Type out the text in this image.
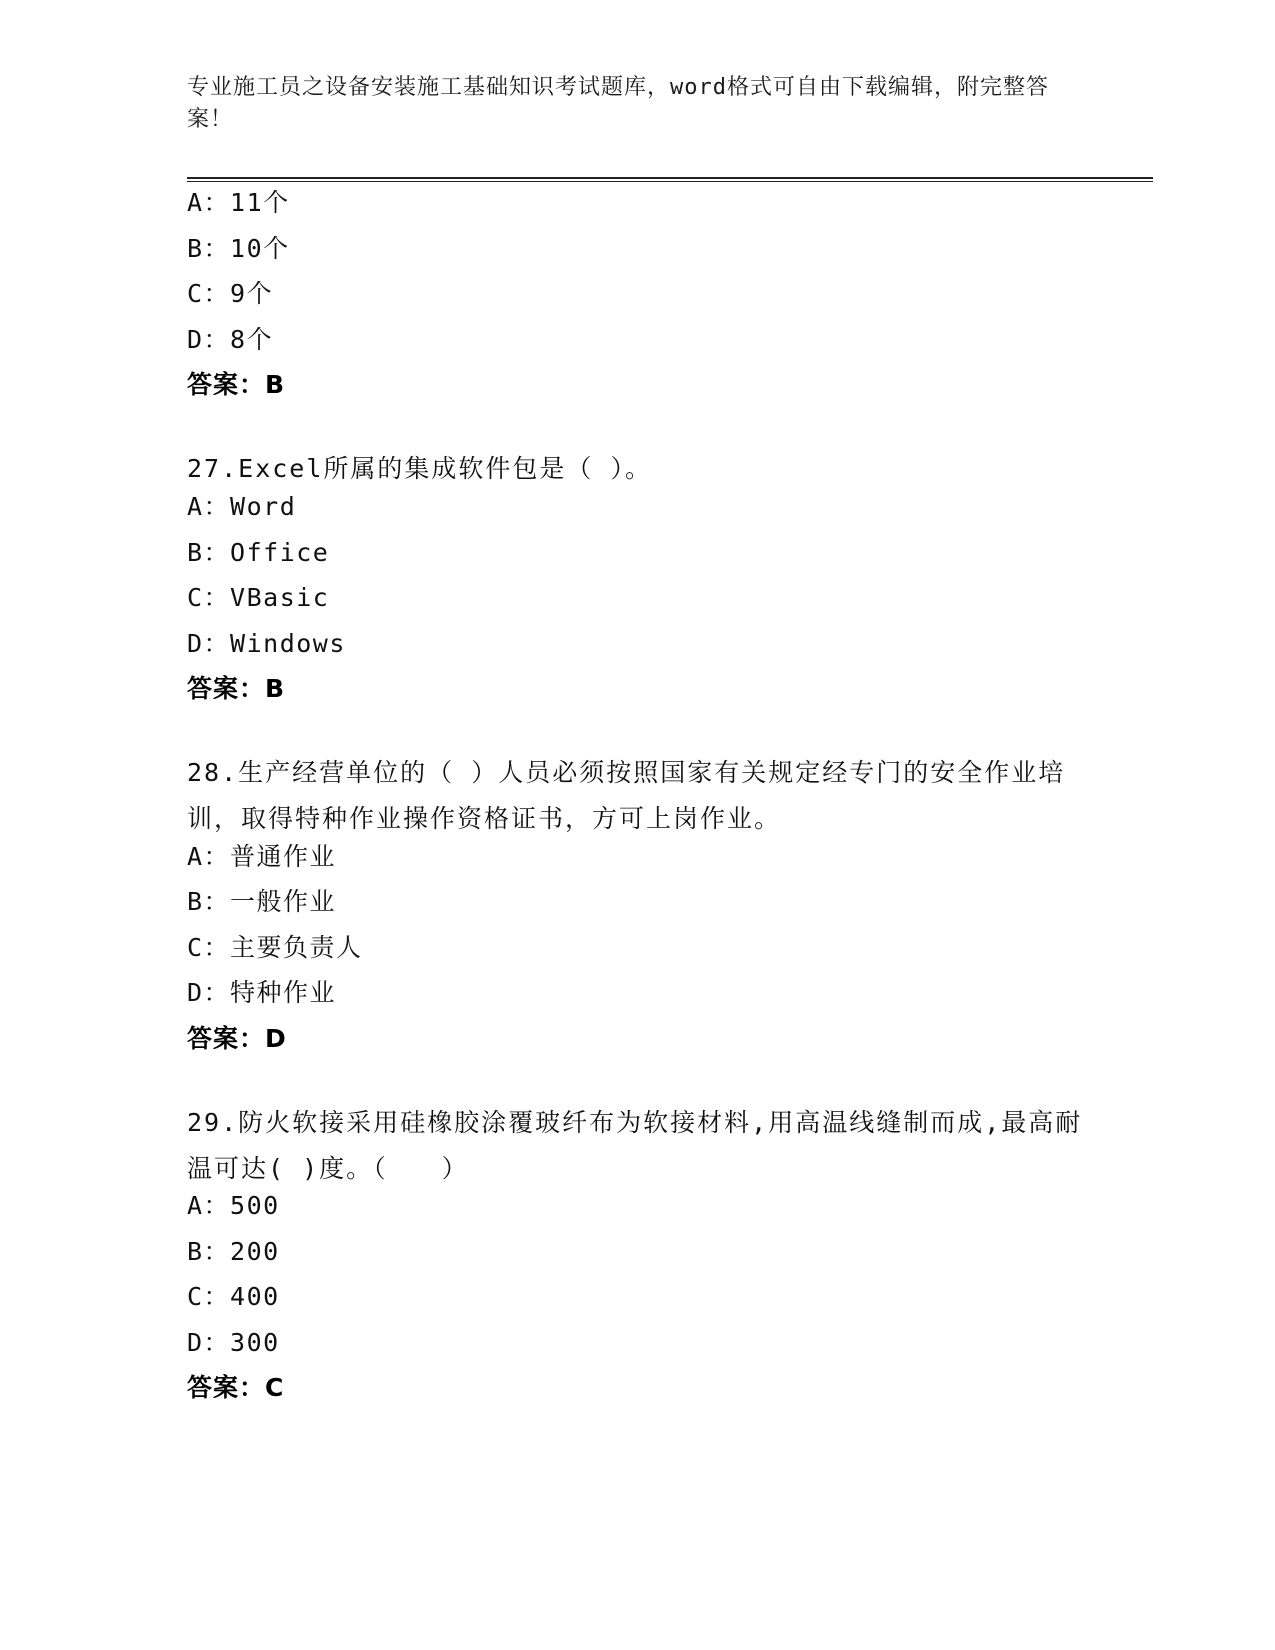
专业施工员之设备安装施工基础知识考试题库，word格式可自由下载编辑，附完整答案！
A：11个
B：10个
C：9个
D：8个
答案：B
27.Excel所属的集成软件包是（ ）。
A：Word
B：Office
C：VBasic
D：Windows
答案：B
28.生产经营单位的（ ）人员必须按照国家有关规定经专门的安全作业培训，取得特种作业操作资格证书，方可上岗作业。
A：普通作业
B：一般作业
C：主要负责人
D：特种作业
答案：D
29.防火软接采用硅橡胶涂覆玻纤布为软接材料,用高温线缝制而成,最高耐温可达( )度。（　　）
A：500
B：200
C：400
D：300
答案：C
